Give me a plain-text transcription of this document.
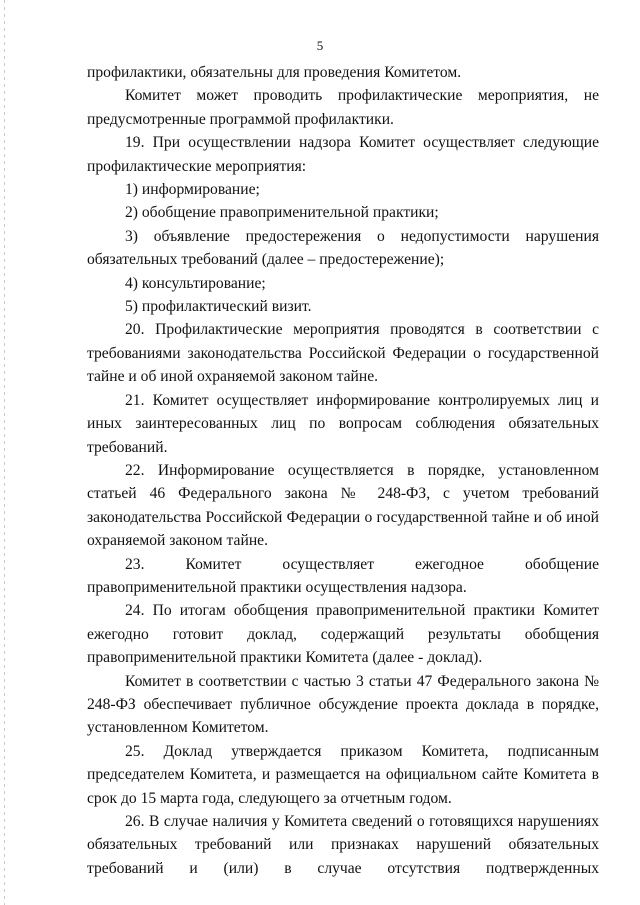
5

профилактики, обязательны для проведения Комитетом.

Комитет может проводить профилактические мероприятия, не предусмотренные программой профилактики.

19. При осуществлении надзора Комитет осуществляет следующие профилактические мероприятия:

1) информирование;

2) обобщение правоприменительной практики;

3) объявление предостережения о недопустимости нарушения обязательных требований (далее – предостережение);

4) консультирование;

5) профилактический визит.

20. Профилактические мероприятия проводятся в соответствии с требованиями законодательства Российской Федерации о государственной тайне и об иной охраняемой законом тайне.

21. Комитет осуществляет информирование контролируемых лиц и иных заинтересованных лиц по вопросам соблюдения обязательных требований.

22. Информирование осуществляется в порядке, установленном статьей 46 Федерального закона № 248-ФЗ, с учетом требований законодательства Российской Федерации о государственной тайне и об иной охраняемой законом тайне.

23. Комитет осуществляет ежегодное обобщение правоприменительной практики осуществления надзора.

24. По итогам обобщения правоприменительной практики Комитет ежегодно готовит доклад, содержащий результаты обобщения правоприменительной практики Комитета (далее - доклад).

Комитет в соответствии с частью 3 статьи 47 Федерального закона № 248-ФЗ обеспечивает публичное обсуждение проекта доклада в порядке, установленном Комитетом.

25. Доклад утверждается приказом Комитета, подписанным председателем Комитета, и размещается на официальном сайте Комитета в срок до 15 марта года, следующего за отчетным годом.

26. В случае наличия у Комитета сведений о готовящихся нарушениях обязательных требований или признаках нарушений обязательных требований и (или) в случае отсутствия подтвержденных
